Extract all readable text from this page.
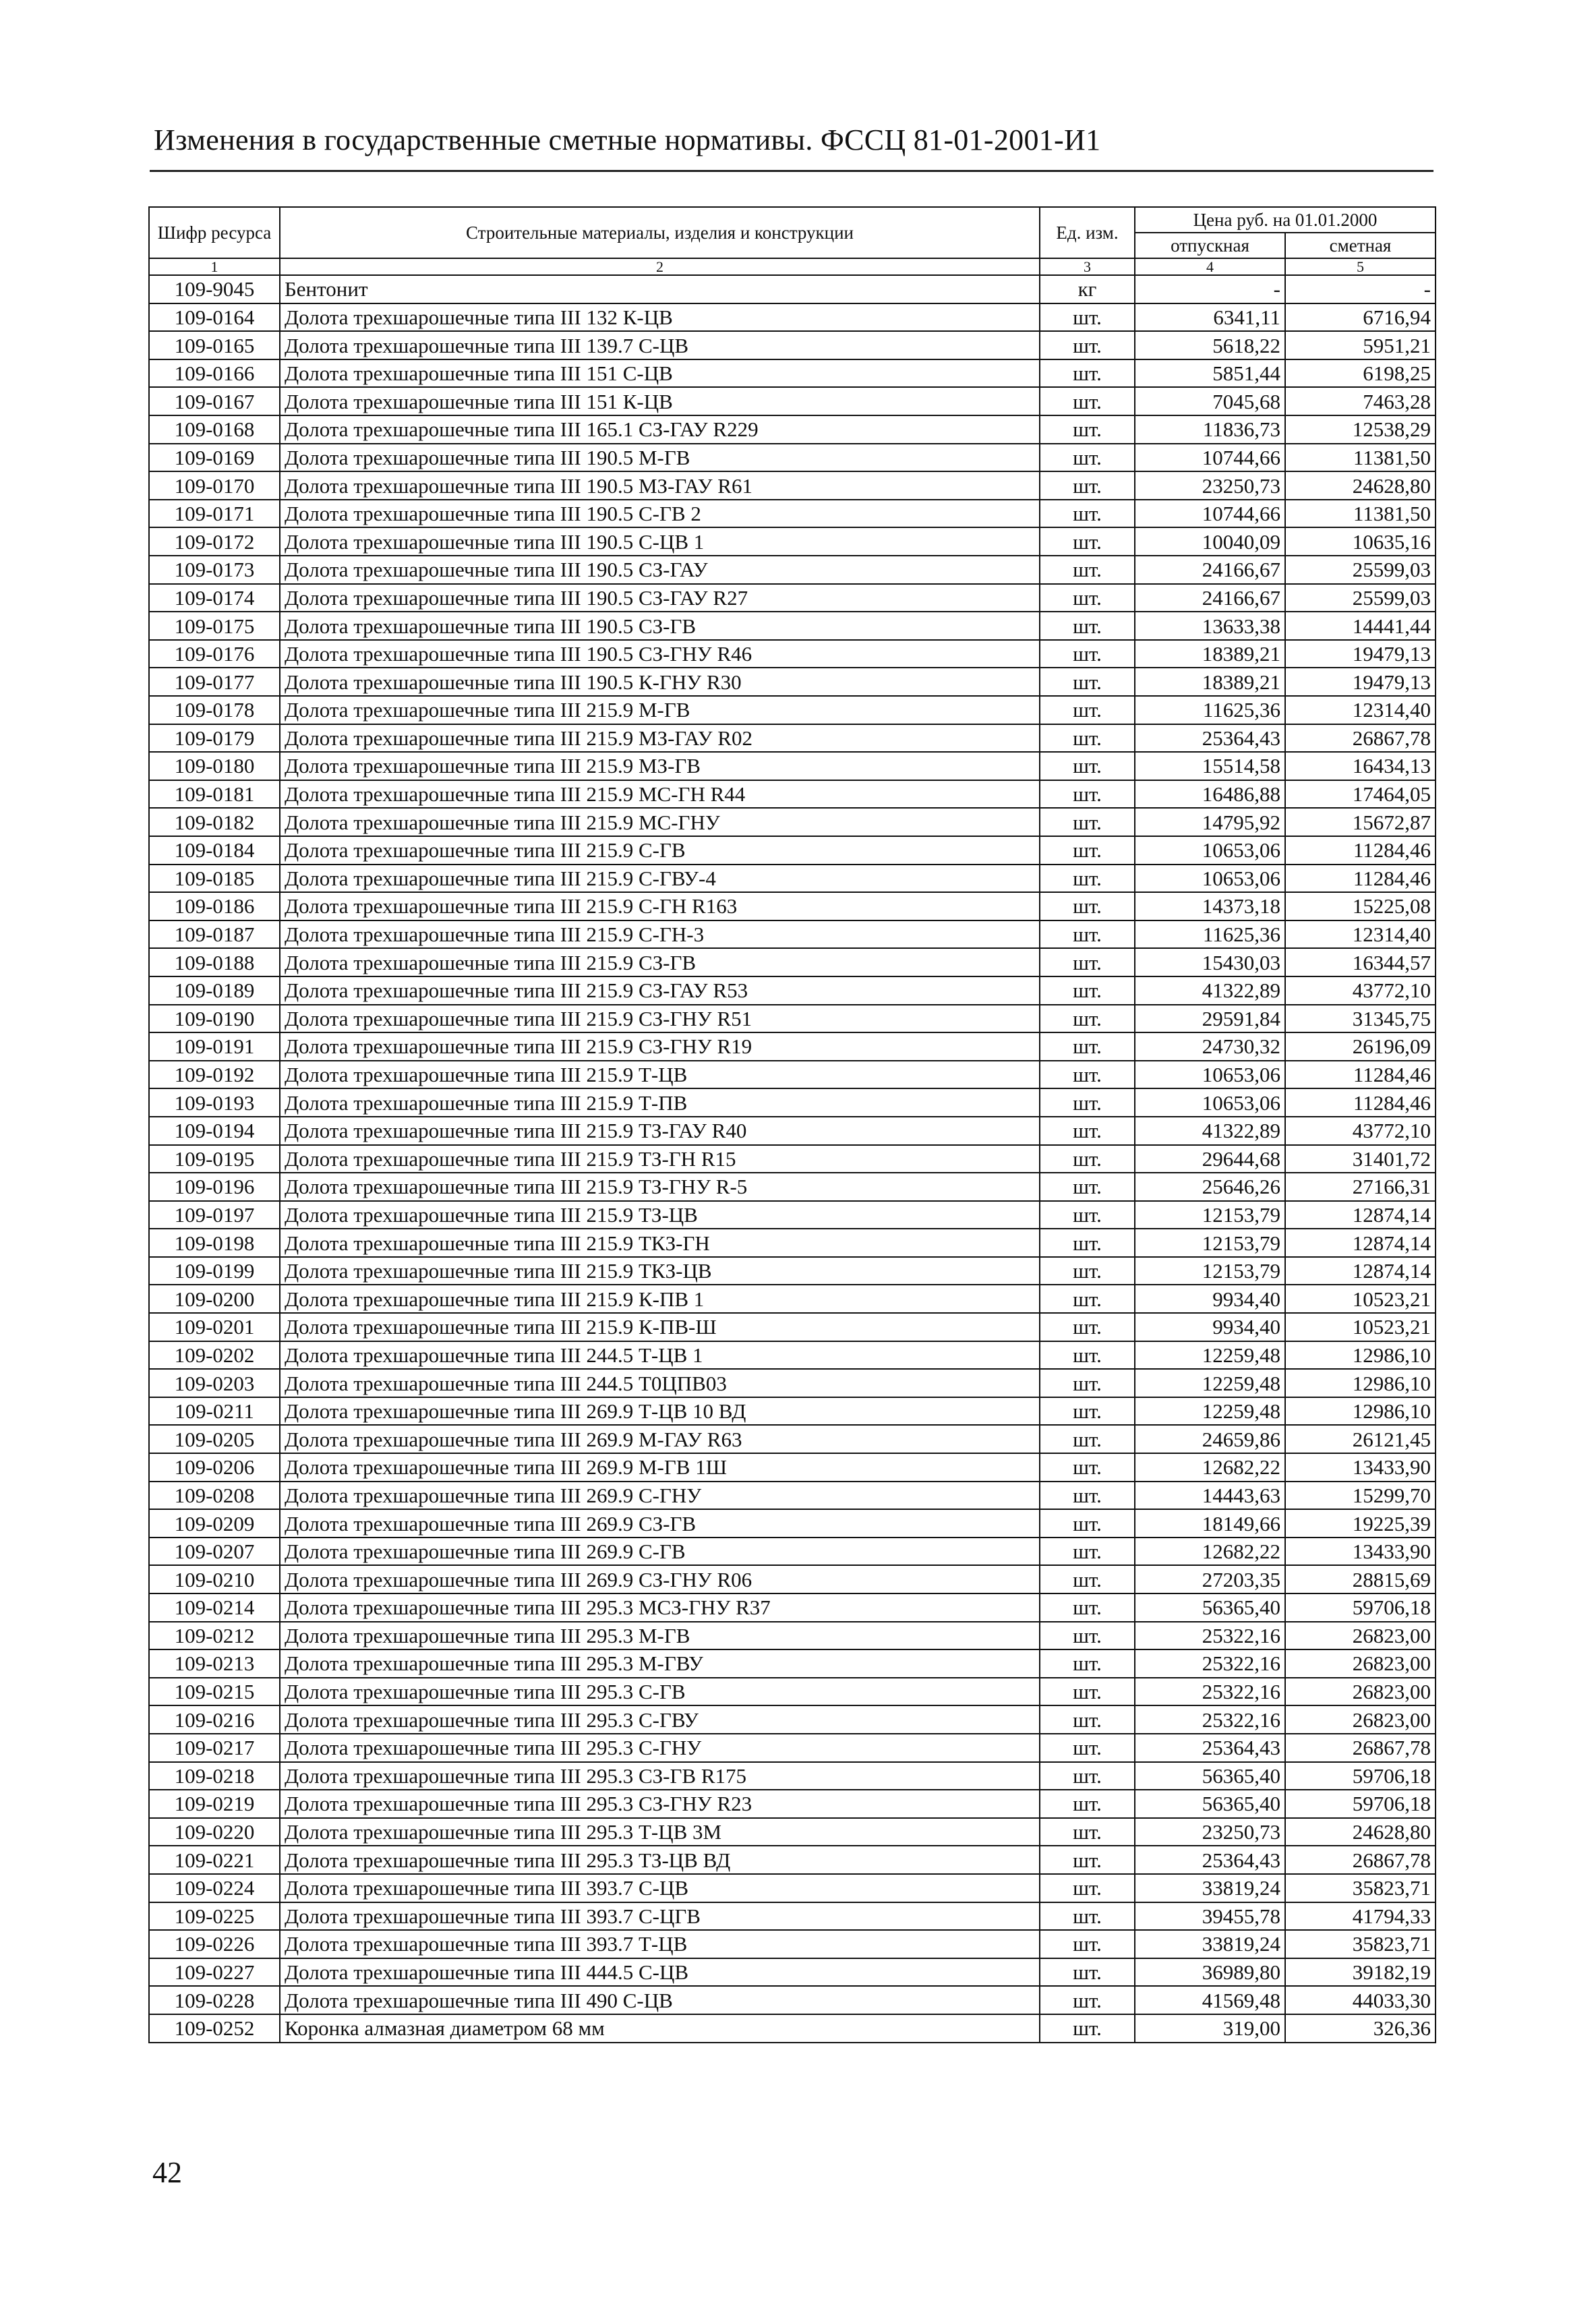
Изменения в государственные сметные нормативы. ФССЦ 81-01-2001-И1
Шифр ресурса	Строительные материалы, изделия и конструкции	Ед. изм.	Цена руб. на 01.01.2000	
			отпускная	сметная
1	2	3	4	5
109-9045	Бентонит	кг	-	-
109-0164	Долота трехшарошечные типа III 132 К-ЦВ	шт.	6341,11	6716,94
109-0165	Долота трехшарошечные типа III 139.7 С-ЦВ	шт.	5618,22	5951,21
109-0166	Долота трехшарошечные типа III 151 С-ЦВ	шт.	5851,44	6198,25
109-0167	Долота трехшарошечные типа III 151 К-ЦВ	шт.	7045,68	7463,28
109-0168	Долота трехшарошечные типа III 165.1 СЗ-ГАУ R229	шт.	11836,73	12538,29
109-0169	Долота трехшарошечные типа III 190.5 М-ГВ	шт.	10744,66	11381,50
109-0170	Долота трехшарошечные типа III 190.5 МЗ-ГАУ R61	шт.	23250,73	24628,80
109-0171	Долота трехшарошечные типа III 190.5 С-ГВ 2	шт.	10744,66	11381,50
109-0172	Долота трехшарошечные типа III 190.5 С-ЦВ 1	шт.	10040,09	10635,16
109-0173	Долота трехшарошечные типа III 190.5 СЗ-ГАУ	шт.	24166,67	25599,03
109-0174	Долота трехшарошечные типа III 190.5 СЗ-ГАУ R27	шт.	24166,67	25599,03
109-0175	Долота трехшарошечные типа III 190.5 СЗ-ГВ	шт.	13633,38	14441,44
109-0176	Долота трехшарошечные типа III 190.5 СЗ-ГНУ R46	шт.	18389,21	19479,13
109-0177	Долота трехшарошечные типа III 190.5 К-ГНУ R30	шт.	18389,21	19479,13
109-0178	Долота трехшарошечные типа III 215.9 М-ГВ	шт.	11625,36	12314,40
109-0179	Долота трехшарошечные типа III 215.9 МЗ-ГАУ R02	шт.	25364,43	26867,78
109-0180	Долота трехшарошечные типа III 215.9 МЗ-ГВ	шт.	15514,58	16434,13
109-0181	Долота трехшарошечные типа III 215.9 МС-ГН R44	шт.	16486,88	17464,05
109-0182	Долота трехшарошечные типа III 215.9 МС-ГНУ	шт.	14795,92	15672,87
109-0184	Долота трехшарошечные типа III 215.9 С-ГВ	шт.	10653,06	11284,46
109-0185	Долота трехшарошечные типа III 215.9 С-ГВУ-4	шт.	10653,06	11284,46
109-0186	Долота трехшарошечные типа III 215.9 С-ГН R163	шт.	14373,18	15225,08
109-0187	Долота трехшарошечные типа III 215.9 С-ГН-3	шт.	11625,36	12314,40
109-0188	Долота трехшарошечные типа III 215.9 СЗ-ГВ	шт.	15430,03	16344,57
109-0189	Долота трехшарошечные типа III 215.9 СЗ-ГАУ R53	шт.	41322,89	43772,10
109-0190	Долота трехшарошечные типа III 215.9 СЗ-ГНУ R51	шт.	29591,84	31345,75
109-0191	Долота трехшарошечные типа III 215.9 СЗ-ГНУ R19	шт.	24730,32	26196,09
109-0192	Долота трехшарошечные типа III 215.9 Т-ЦВ	шт.	10653,06	11284,46
109-0193	Долота трехшарошечные типа III 215.9 Т-ПВ	шт.	10653,06	11284,46
109-0194	Долота трехшарошечные типа III 215.9 ТЗ-ГАУ R40	шт.	41322,89	43772,10
109-0195	Долота трехшарошечные типа III 215.9 ТЗ-ГН R15	шт.	29644,68	31401,72
109-0196	Долота трехшарошечные типа III 215.9 ТЗ-ГНУ R-5	шт.	25646,26	27166,31
109-0197	Долота трехшарошечные типа III 215.9 ТЗ-ЦВ	шт.	12153,79	12874,14
109-0198	Долота трехшарошечные типа III 215.9 ТКЗ-ГН	шт.	12153,79	12874,14
109-0199	Долота трехшарошечные типа III 215.9 ТКЗ-ЦВ	шт.	12153,79	12874,14
109-0200	Долота трехшарошечные типа III 215.9 К-ПВ 1	шт.	9934,40	10523,21
109-0201	Долота трехшарошечные типа III 215.9 К-ПВ-Ш	шт.	9934,40	10523,21
109-0202	Долота трехшарошечные типа III 244.5 Т-ЦВ 1	шт.	12259,48	12986,10
109-0203	Долота трехшарошечные типа III 244.5 Т0ЦПВ03	шт.	12259,48	12986,10
109-0211	Долота трехшарошечные типа III 269.9 Т-ЦВ 10 ВД	шт.	12259,48	12986,10
109-0205	Долота трехшарошечные типа III 269.9 М-ГАУ R63	шт.	24659,86	26121,45
109-0206	Долота трехшарошечные типа III 269.9 М-ГВ 1Ш	шт.	12682,22	13433,90
109-0208	Долота трехшарошечные типа III 269.9 С-ГНУ	шт.	14443,63	15299,70
109-0209	Долота трехшарошечные типа III 269.9 СЗ-ГВ	шт.	18149,66	19225,39
109-0207	Долота трехшарошечные типа III 269.9 С-ГВ	шт.	12682,22	13433,90
109-0210	Долота трехшарошечные типа III 269.9 СЗ-ГНУ R06	шт.	27203,35	28815,69
109-0214	Долота трехшарошечные типа III 295.3 МСЗ-ГНУ R37	шт.	56365,40	59706,18
109-0212	Долота трехшарошечные типа III 295.3 М-ГВ	шт.	25322,16	26823,00
109-0213	Долота трехшарошечные типа III 295.3 М-ГВУ	шт.	25322,16	26823,00
109-0215	Долота трехшарошечные типа III 295.3 С-ГВ	шт.	25322,16	26823,00
109-0216	Долота трехшарошечные типа III 295.3 С-ГВУ	шт.	25322,16	26823,00
109-0217	Долота трехшарошечные типа III 295.3 С-ГНУ	шт.	25364,43	26867,78
109-0218	Долота трехшарошечные типа III 295.3 СЗ-ГВ R175	шт.	56365,40	59706,18
109-0219	Долота трехшарошечные типа III 295.3 СЗ-ГНУ R23	шт.	56365,40	59706,18
109-0220	Долота трехшарошечные типа III 295.3 Т-ЦВ 3М	шт.	23250,73	24628,80
109-0221	Долота трехшарошечные типа III 295.3 ТЗ-ЦВ ВД	шт.	25364,43	26867,78
109-0224	Долота трехшарошечные типа III 393.7 С-ЦВ	шт.	33819,24	35823,71
109-0225	Долота трехшарошечные типа III 393.7 С-ЦГВ	шт.	39455,78	41794,33
109-0226	Долота трехшарошечные типа III 393.7 Т-ЦВ	шт.	33819,24	35823,71
109-0227	Долота трехшарошечные типа III 444.5 С-ЦВ	шт.	36989,80	39182,19
109-0228	Долота трехшарошечные типа III 490 С-ЦВ	шт.	41569,48	44033,30
109-0252	Коронка алмазная диаметром 68 мм	шт.	319,00	326,36
42
